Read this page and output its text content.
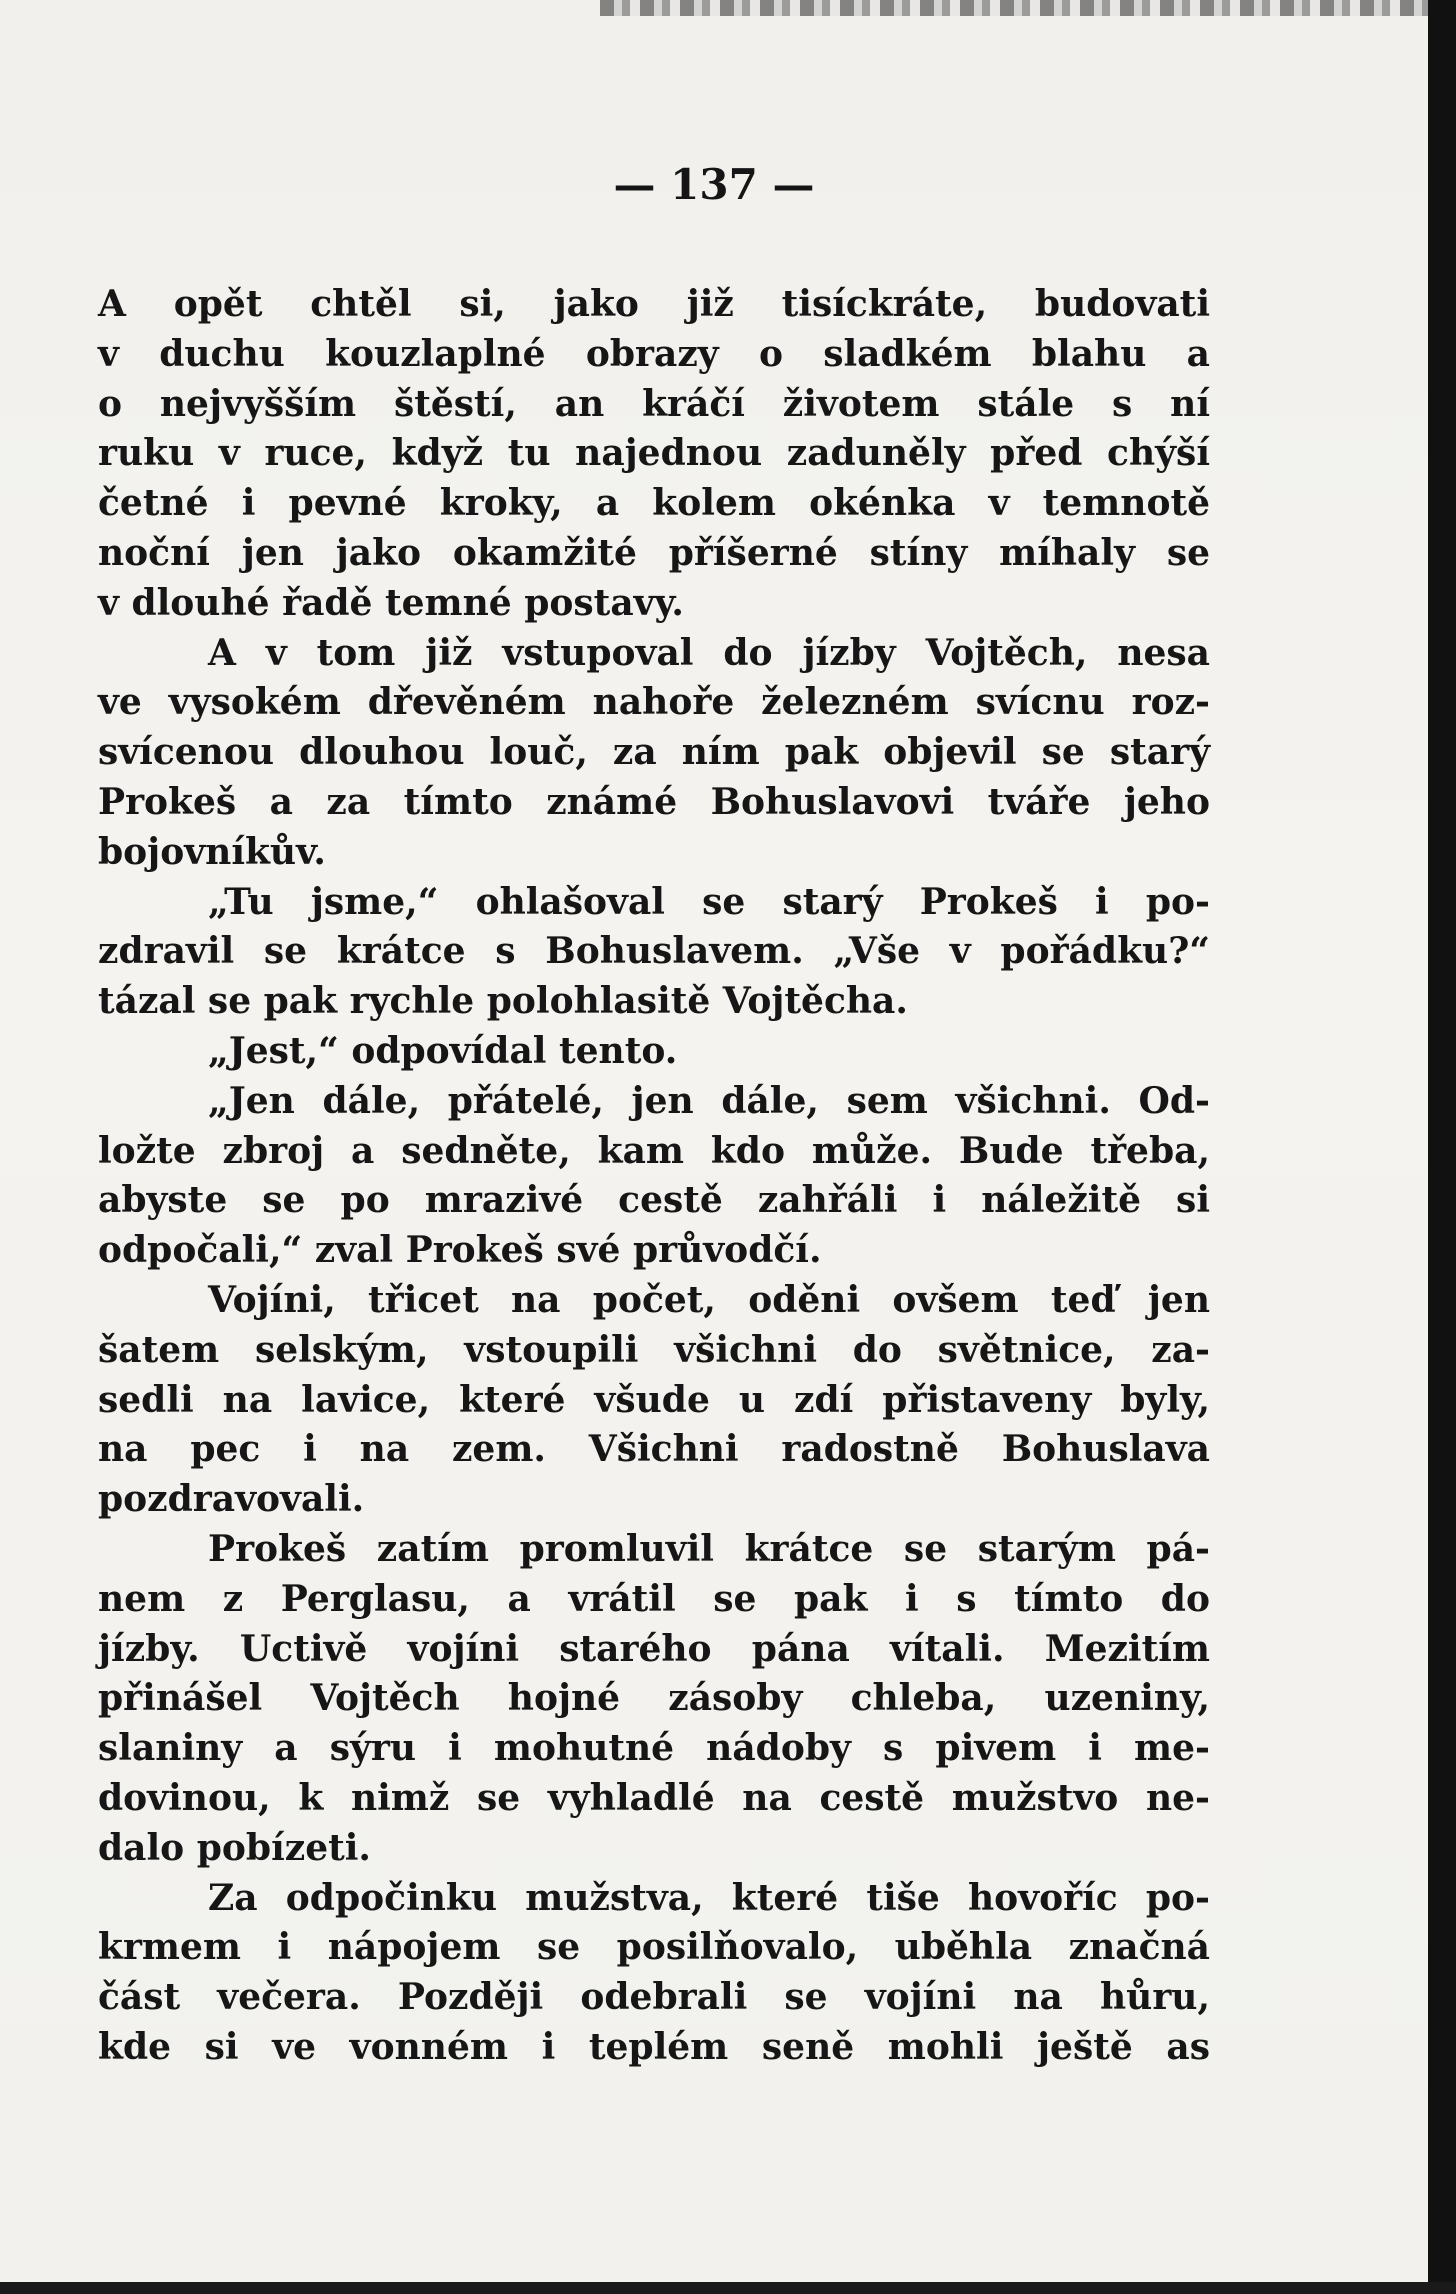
— 137 —
A opět chtěl si, jako již tisíckráte, budovati
v duchu kouzlaplné obrazy o sladkém blahu a
o nejvyšším štěstí, an kráčí životem stále s ní
ruku v ruce, když tu najednou zaduněly před chýší
četné i pevné kroky, a kolem okénka v temnotě
noční jen jako okamžité příšerné stíny míhaly se
v dlouhé řadě temné postavy.
A v tom již vstupoval do jízby Vojtěch, nesa
ve vysokém dřevěném nahoře železném svícnu roz-
svícenou dlouhou louč, za ním pak objevil se starý
Prokeš a za tímto známé Bohuslavovi tváře jeho
bojovníkův.
„Tu jsme,“ ohlašoval se starý Prokeš i po-
zdravil se krátce s Bohuslavem. „Vše v pořádku?“
tázal se pak rychle polohlasitě Vojtěcha.
„Jest,“ odpovídal tento.
„Jen dále, přátelé, jen dále, sem všichni. Od-
ložte zbroj a sedněte, kam kdo může. Bude třeba,
abyste se po mrazivé cestě zahřáli i náležitě si
odpočali,“ zval Prokeš své průvodčí.
Vojíni, třicet na počet, oděni ovšem teď jen
šatem selským, vstoupili všichni do světnice, za-
sedli na lavice, které všude u zdí přistaveny byly,
na pec i na zem. Všichni radostně Bohuslava
pozdravovali.
Prokeš zatím promluvil krátce se starým pá-
nem z Perglasu, a vrátil se pak i s tímto do
jízby. Uctivě vojíni starého pána vítali. Mezitím
přinášel Vojtěch hojné zásoby chleba, uzeniny,
slaniny a sýru i mohutné nádoby s pivem i me-
dovinou, k nimž se vyhladlé na cestě mužstvo ne-
dalo pobízeti.
Za odpočinku mužstva, které tiše hovoříc po-
krmem i nápojem se posilňovalo, uběhla značná
část večera. Později odebrali se vojíni na hůru,
kde si ve vonném i teplém seně mohli ještě as
